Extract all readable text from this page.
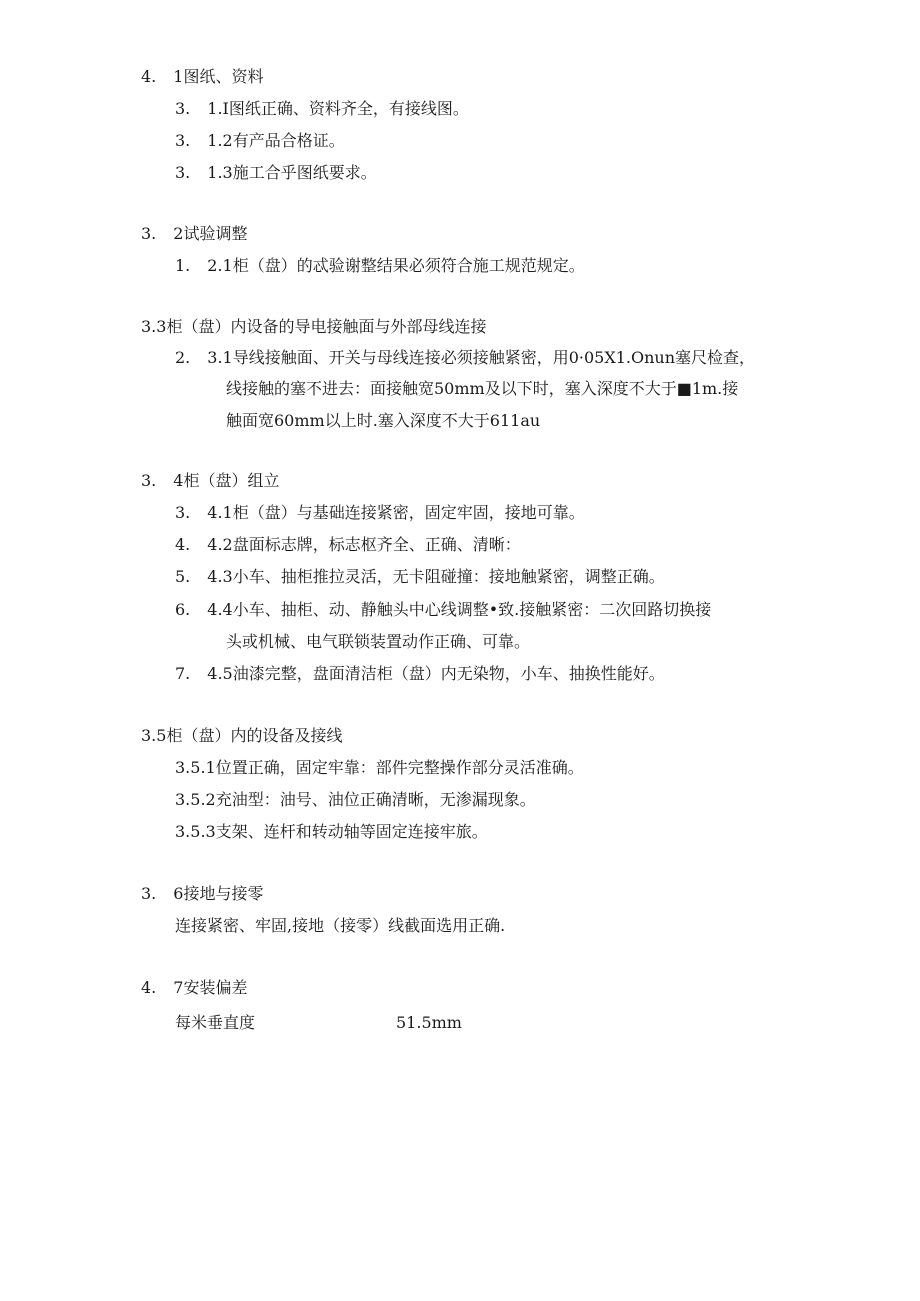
4. 1图纸、资料
3. 1.I图纸正确、资料齐全，有接线图。
3. 1.2有产品合格证。
3. 1.3施工合乎图纸要求。
3. 2试验调整
1. 2.1柜（盘）的忒验谢整结果必须符合施工规范规定。
3.3柜（盘）内设备的导电接触面与外部母线连接
2. 3.1导线接触面、开关与母线连接必须接触紧密，用0·05X1.Onun塞尺检查，
线接触的塞不进去：面接触宽50mm及以下时，塞入深度不大于■1m.接
触面宽60mm以上时.塞入深度不大于611au
3. 4柜（盘）组立
3. 4.1柜（盘）与基础连接紧密，固定牢固，接地可靠。
4. 4.2盘面标志牌，标志枢齐全、正确、清晰：
5. 4.3小车、抽柜推拉灵活，无卡阻碰撞：接地触紧密，调整正确。
6. 4.4小车、抽柜、动、静触头中心线调整•致.接触紧密：二次回路切换接
头或机械、电气联锁装置动作正确、可靠。
7. 4.5油漆完整，盘面清洁柜（盘）内无染物，小车、抽换性能好。
3.5柜（盘）内的设备及接线
3.5.1位置正确，固定牢靠：部件完整操作部分灵活准确。
3.5.2充油型：油号、油位正确清晰，无渗漏现象。
3.5.3支架、连杆和转动轴等固定连接牢旅。
3. 6接地与接零
连接紧密、牢固,接地（接零）线截面选用正确.
4. 7安装偏差
每米垂直度	51.5mm
